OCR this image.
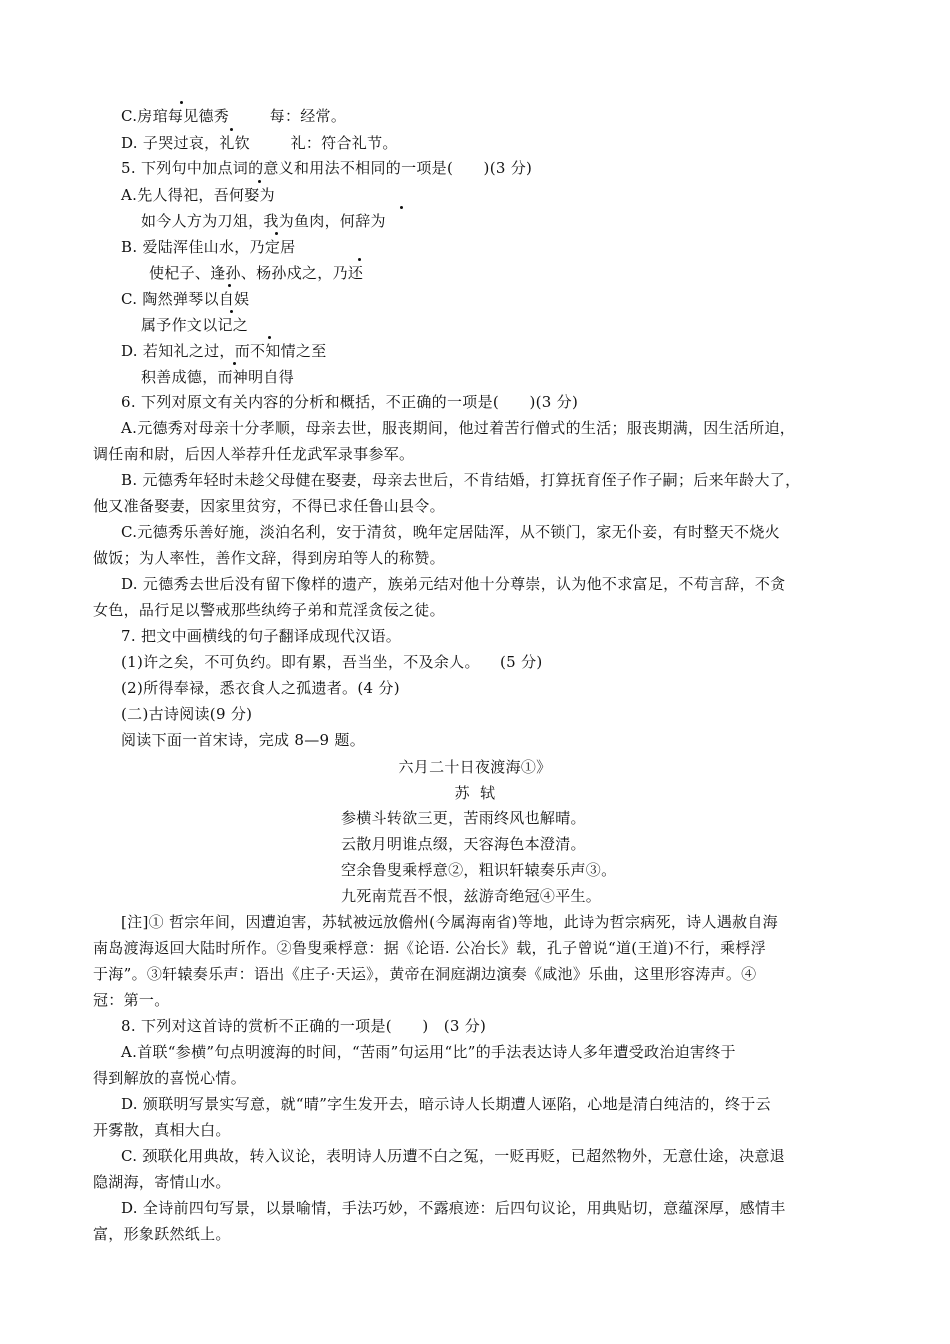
C.房琯每见德秀        每：经常。
D. 子哭过哀，礼钦        礼：符合礼节。
5. 下列句中加点词的意义和用法不相同的一项是(      )(3 分)
A.先人得祀，吾何娶为
如今人方为刀俎，我为鱼肉，何辞为
B. 爱陆浑佳山水，乃定居
使杞子、逢孙、杨孙戍之，乃还
C. 陶然弹琴以自娱
属予作文以记之
D. 若知礼之过，而不知情之至
积善成德，而神明自得
6. 下列对原文有关内容的分析和概括，不正确的一项是(      )(3 分)
A.元德秀对母亲十分孝顺，母亲去世，服丧期间，他过着苦行僧式的生活；服丧期满，因生活所迫，
调任南和尉，后因人举荐升任龙武军录事参军。
B. 元德秀年轻时未趁父母健在娶妻，母亲去世后，不肯结婚，打算抚育侄子作子嗣；后来年龄大了，
他又准备娶妻，因家里贫穷，不得已求任鲁山县令。
C.元德秀乐善好施，淡泊名利，安于清贫，晚年定居陆浑，从不锁门，家无仆妾，有时整天不烧火
做饭；为人率性，善作文辞，得到房珀等人的称赞。
D. 元德秀去世后没有留下像样的遗产，族弟元结对他十分尊崇，认为他不求富足，不苟言辞，不贪
女色，品行足以警戒那些纨绔子弟和荒淫贪佞之徒。
7. 把文中画横线的句子翻译成现代汉语。
(1)许之矣，不可负约。即有累，吾当坐，不及余人。    (5 分)
(2)所得奉禄，悉衣食人之孤遗者。(4 分)
(二)古诗阅读(9 分)
阅读下面一首宋诗，完成 8—9 题。
六月二十日夜渡海①》
苏  轼
参横斗转欲三更，苦雨终风也解晴。
云散月明谁点缀，天容海色本澄清。
空余鲁叟乘桴意②，粗识轩辕奏乐声③。
九死南荒吾不恨，兹游奇绝冠④平生。
[注]① 哲宗年间，因遭迫害，苏轼被远放儋州(今属海南省)等地，此诗为哲宗病死，诗人遇赦自海
南岛渡海返回大陆时所作。②鲁叟乘桴意：据《论语. 公冶长》载，孔子曾说“道(王道)不行，乘桴浮
于海”。③轩辕奏乐声：语出《庄子·天运》，黄帝在洞庭湖边演奏《咸池》乐曲，这里形容涛声。④
冠：第一。
8. 下列对这首诗的赏析不正确的一项是(      )   (3 分)
A.首联“参横”句点明渡海的时间，“苦雨”句运用“比”的手法表达诗人多年遭受政治迫害终于
得到解放的喜悦心情。
D. 颁联明写景实写意，就“晴”字生发开去，暗示诗人长期遭人诬陷，心地是清白纯洁的，终于云
开雾散，真相大白。
C. 颈联化用典故，转入议论，表明诗人历遭不白之冤，一贬再贬，已超然物外，无意仕途，决意退
隐湖海，寄情山水。
D. 全诗前四句写景，以景喻情，手法巧妙，不露痕迹：后四句议论，用典贴切，意蕴深厚，感情丰
富，形象跃然纸上。
